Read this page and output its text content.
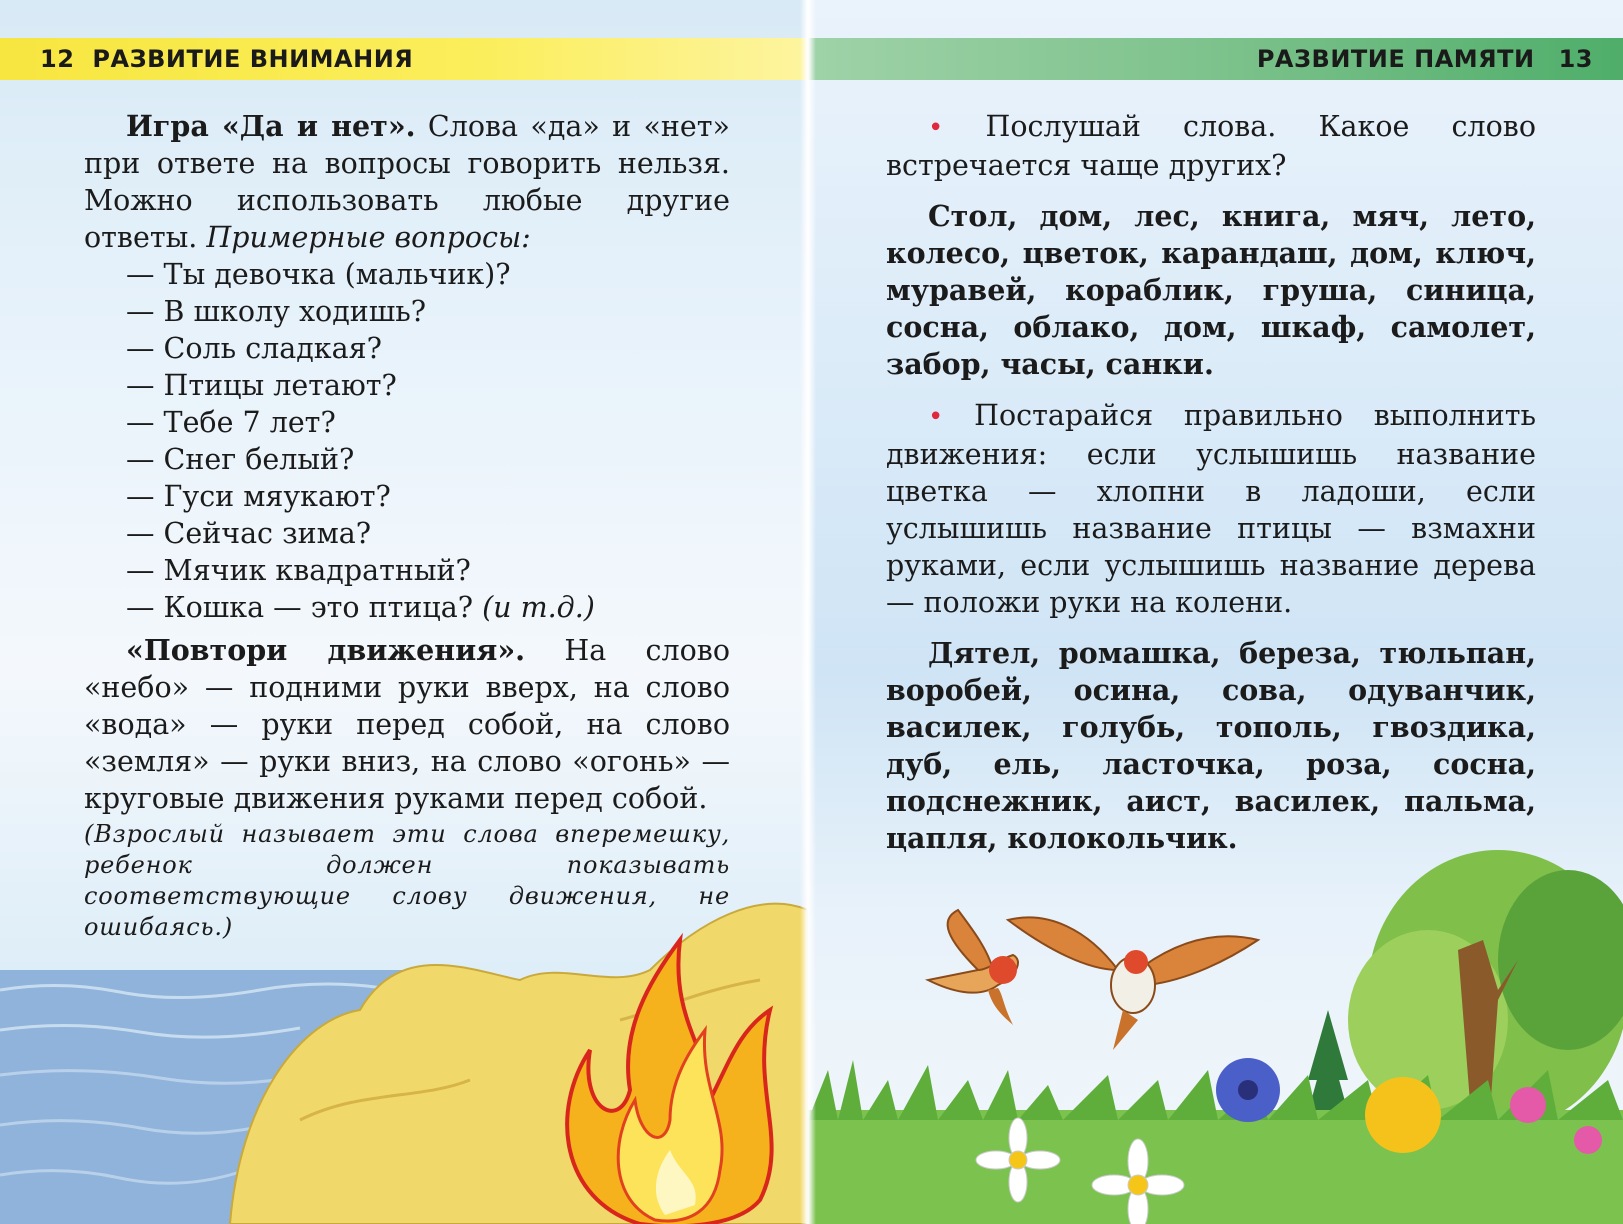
12 РАЗВИТИЕ ВНИМАНИЯ

Игра «Да и нет». Слова «да» и «нет» при ответе на вопросы говорить нельзя. Можно использовать любые другие ответы. Примерные вопросы:

— Ты девочка (мальчик)?

— В школу ходишь?

— Соль сладкая?

— Птицы летают?

— Тебе 7 лет?

— Снег белый?

— Гуси мяукают?

— Сейчас зима?

— Мячик квадратный?

— Кошка — это птица? (и т.д.)

«Повтори движения». На слово «небо» — подними руки вверх, на слово «вода» — руки перед собой, на слово «земля» — руки вниз, на слово «огонь» — круговые движения руками перед собой.

(Взрослый называет эти слова вперемешку, ребенок должен показывать соответствующие слову движения, не ошибаясь.)

РАЗВИТИЕ ПАМЯТИ 13

• Послушай слова. Какое слово встречается чаще других?

Стол, дом, лес, книга, мяч, лето, колесо, цветок, карандаш, дом, ключ, муравей, кораблик, груша, синица, сосна, облако, дом, шкаф, самолет, забор, часы, санки.

• Постарайся правильно выполнить движения: если услышишь название цветка — хлопни в ладоши, если услышишь название птицы — взмахни руками, если услышишь название дерева — положи руки на колени.

Дятел, ромашка, береза, тюльпан, воробей, осина, сова, одуванчик, василек, голубь, тополь, гвоздика, дуб, ель, ласточка, роза, сосна, подснежник, аист, василек, пальма, цапля, колокольчик.
